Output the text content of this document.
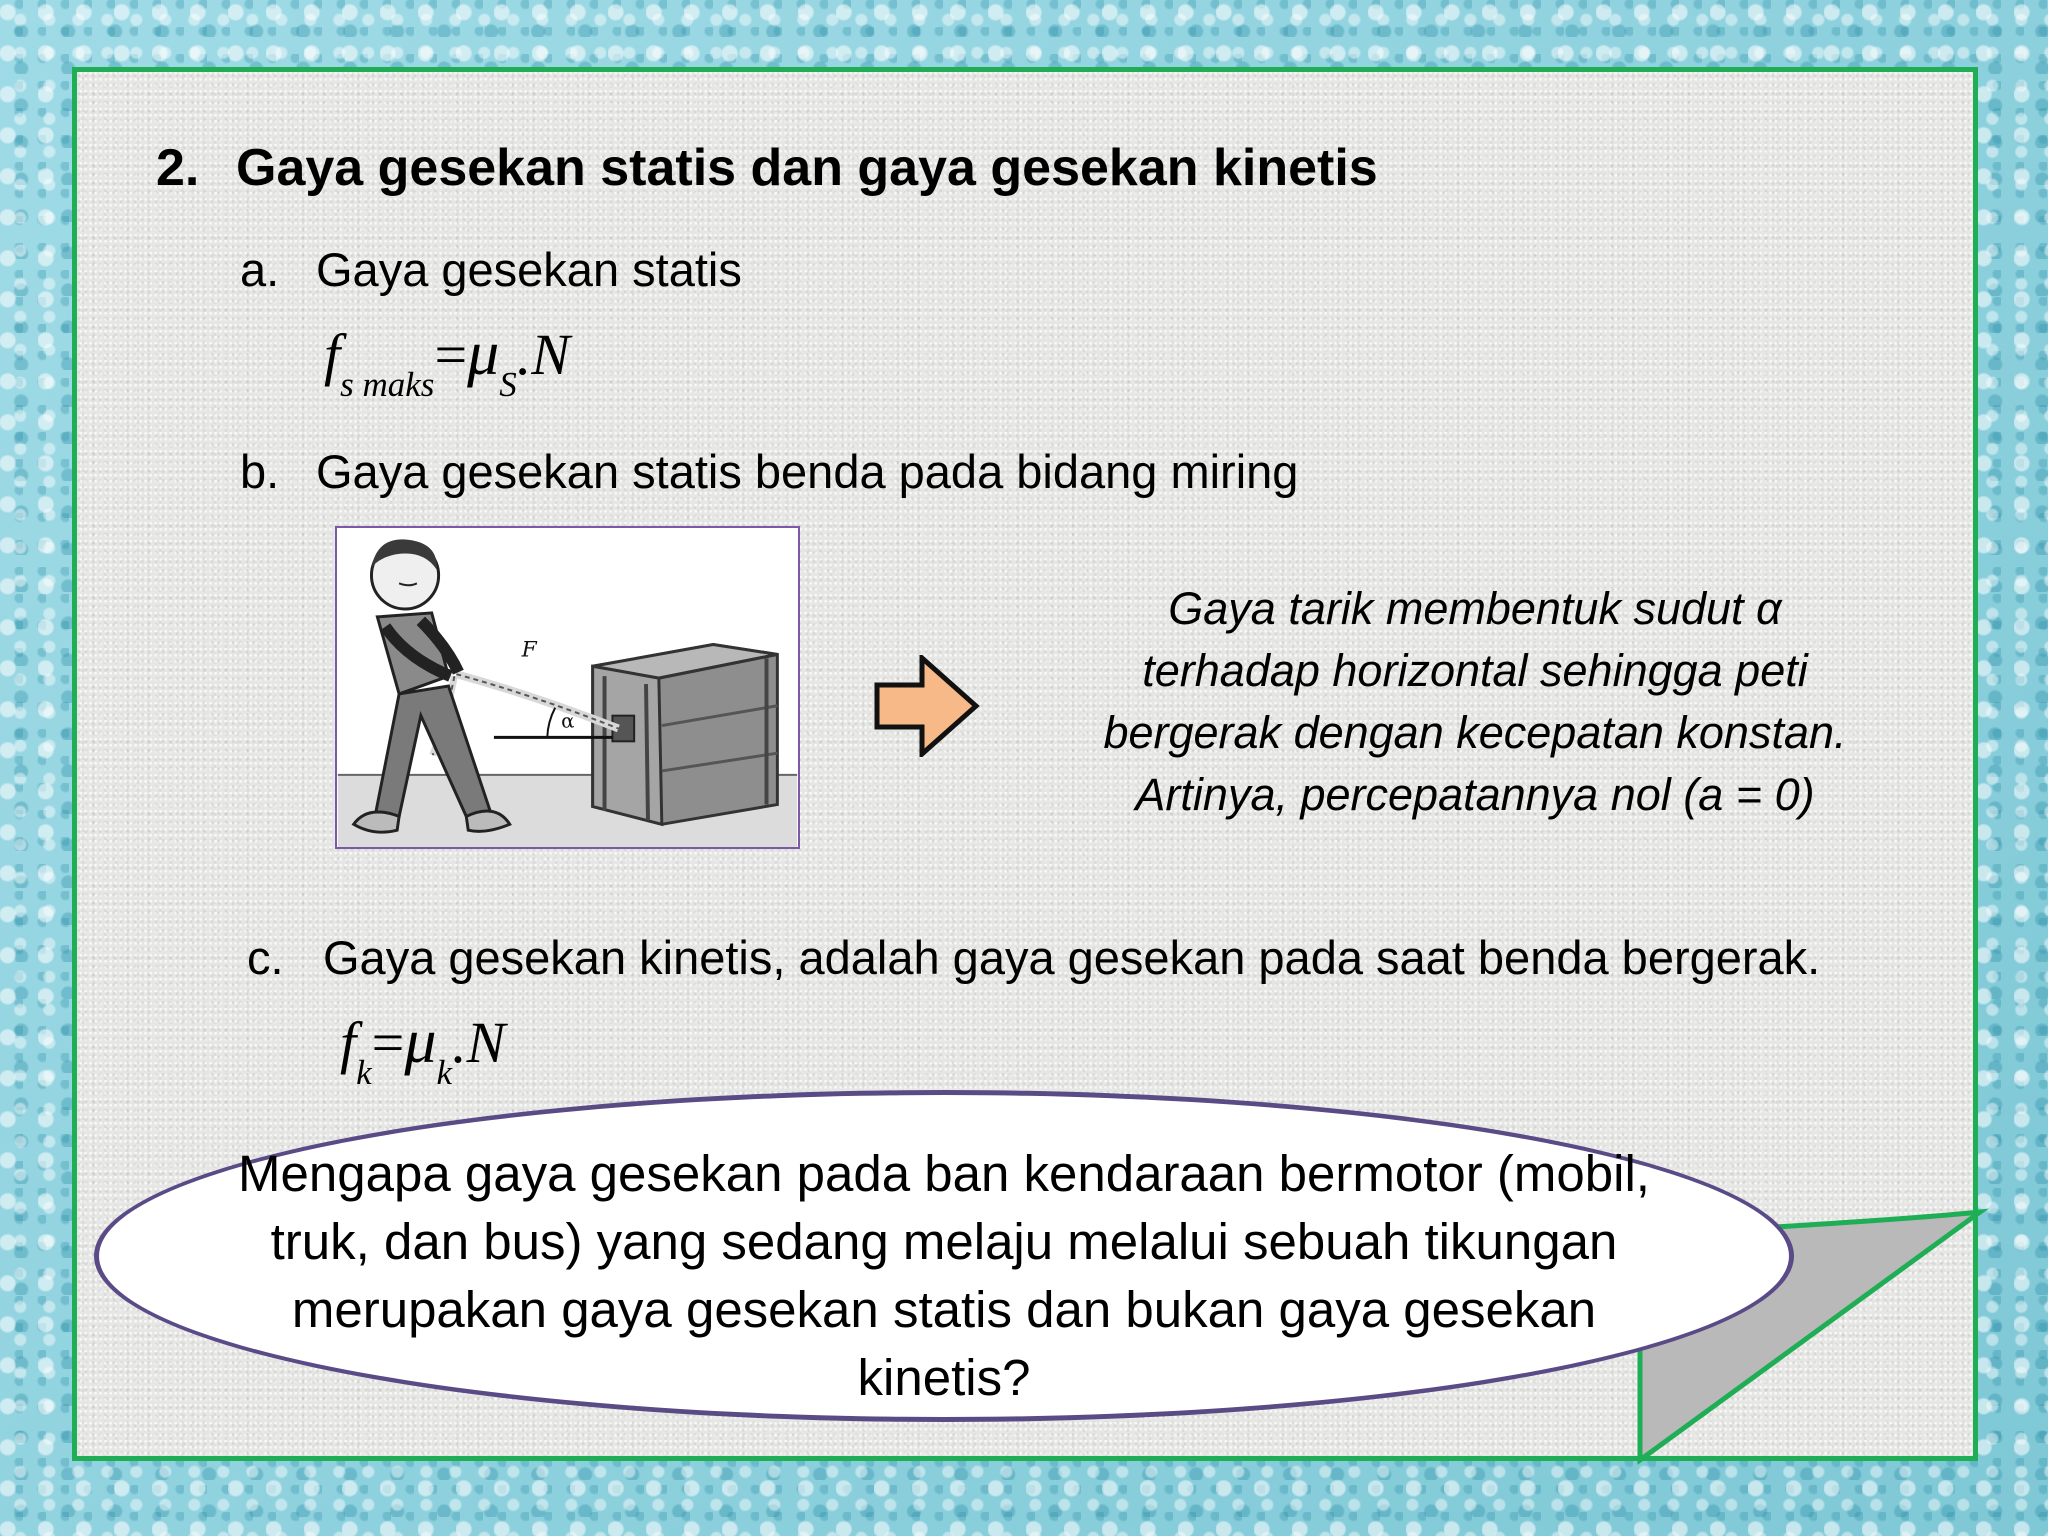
2. Gaya gesekan statis dan gaya gesekan kinetis
a. Gaya gesekan statis
$f_{s maks}=\mu_S.N$
b. Gaya gesekan statis benda pada bidang miring
α
F
Gaya tarik membentuk sudut α
terhadap horizontal sehingga peti
bergerak dengan kecepatan konstan.
Artinya, percepatannya nol (a = 0)
c. Gaya gesekan kinetis, adalah gaya gesekan pada saat benda bergerak.
$f_k=\mu_k.N$
Mengapa gaya gesekan pada ban kendaraan bermotor (mobil,
truk, dan bus) yang sedang melaju melalui sebuah tikungan
merupakan gaya gesekan statis dan bukan gaya gesekan
kinetis?
